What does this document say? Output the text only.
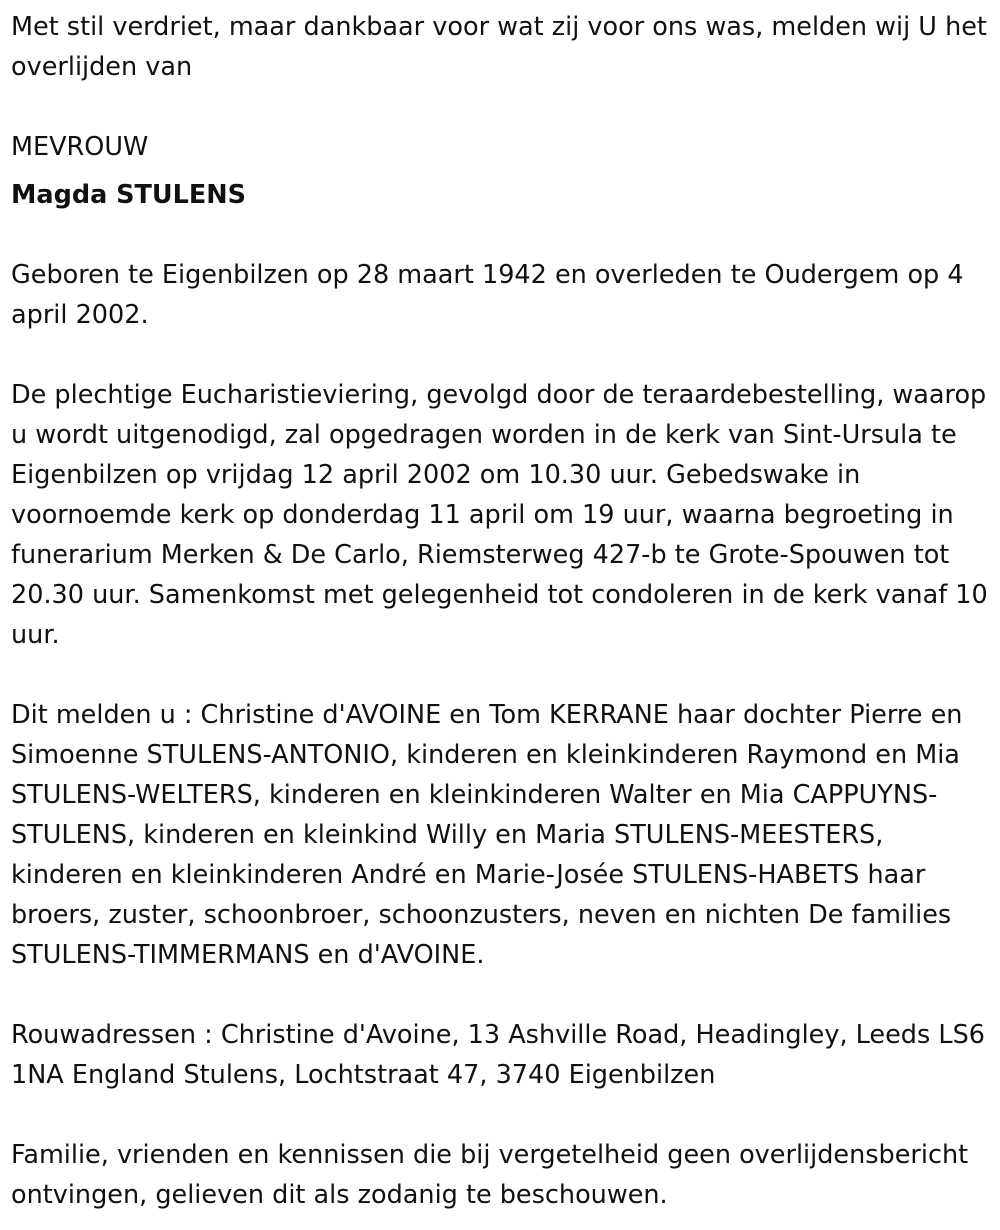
Met stil verdriet, maar dankbaar voor wat zij voor ons was, melden wij U het overlijden van

MEVROUW

Magda STULENS

Geboren te Eigenbilzen op 28 maart 1942 en overleden te Oudergem op 4 april 2002.

De plechtige Eucharistieviering, gevolgd door de teraardebestelling, waarop u wordt uitgenodigd, zal opgedragen worden in de kerk van Sint-Ursula te Eigenbilzen op vrijdag 12 april 2002 om 10.30 uur. Gebedswake in voornoemde kerk op donderdag 11 april om 19 uur, waarna begroeting in funerarium Merken & De Carlo, Riemsterweg 427-b te Grote-Spouwen tot 20.30 uur. Samenkomst met gelegenheid tot condoleren in de kerk vanaf 10 uur.

Dit melden u : Christine d'AVOINE en Tom KERRANE haar dochter Pierre en Simoenne STULENS-ANTONIO, kinderen en kleinkinderen Raymond en Mia STULENS-WELTERS, kinderen en kleinkinderen Walter en Mia CAPPUYNS-STULENS, kinderen en kleinkind Willy en Maria STULENS-MEESTERS, kinderen en kleinkinderen André en Marie-Josée STULENS-HABETS haar broers, zuster, schoonbroer, schoonzusters, neven en nichten De families STULENS-TIMMERMANS en d'AVOINE.

Rouwadressen : Christine d'Avoine, 13 Ashville Road, Headingley, Leeds LS6 1NA England Stulens, Lochtstraat 47, 3740 Eigenbilzen

Familie, vrienden en kennissen die bij vergetelheid geen overlijdensbericht ontvingen, gelieven dit als zodanig te beschouwen.
